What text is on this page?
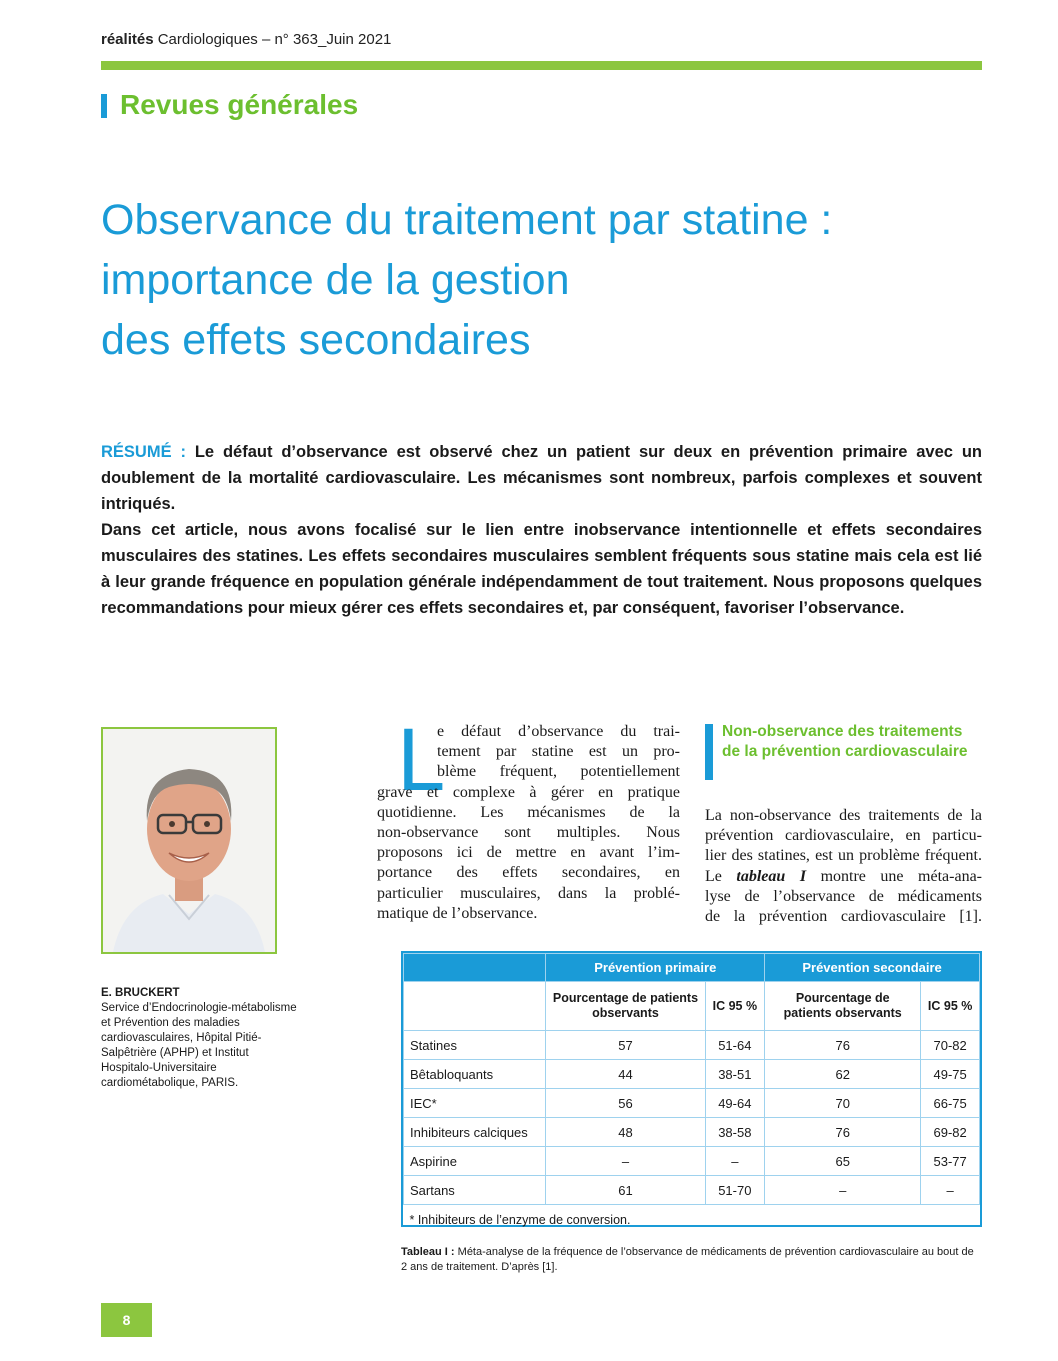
réalités Cardiologiques – n° 363_Juin 2021
Revues générales
Observance du traitement par statine :
importance de la gestion
des effets secondaires

RÉSUMÉ : Le défaut d’observance est observé chez un patient sur deux en prévention primaire avec un doublement de la mortalité cardiovasculaire. Les mécanismes sont nombreux, parfois complexes et souvent intriqués.

Dans cet article, nous avons focalisé sur le lien entre inobservance intentionnelle et effets secondaires musculaires des statines. Les effets secondaires musculaires semblent fréquents sous statine mais cela est lié à leur grande fréquence en population générale indépendamment de tout traitement. Nous proposons quelques recommandations pour mieux gérer ces effets secondaires et, par conséquent, favoriser l’observance.

E. BRUCKERT
Service d’Endocrinologie-métabolisme et Prévention des maladies cardiovasculaires, Hôpital Pitié-Salpêtrière (APHP) et Institut Hospitalo-Universitaire cardiométabolique, PARIS.
L
e défaut d’observance du trai-
tement par statine est un pro-
blème fréquent, potentiellement
grave et complexe à gérer en pratique
quotidienne. Les mécanismes de la
non-observance sont multiples. Nous
proposons ici de mettre en avant l’im-
portance des effets secondaires, en
particulier musculaires, dans la problé-
matique de l’observance.
Non-observance des traitements de la prévention cardiovasculaire
La non-observance des traitements de la
prévention cardiovasculaire, en particu-
lier des statines, est un problème fréquent.
Le tableau I montre une méta-ana-
lyse de l’observance de médicaments
de la prévention cardiovasculaire [1].
	Prévention primaire		Prévention secondaire	
	Pourcentage de patients observants	IC 95 %	Pourcentage de patients observants	IC 95 %
Statines	57	51-64	76	70-82
Bêtabloquants	44	38-51	62	49-75
IEC*	56	49-64	70	66-75
Inhibiteurs calciques	48	38-58	76	69-82
Aspirine	–	–	65	53-77
Sartans	61	51-70	–	–
* Inhibiteurs de l’enzyme de conversion.				
Tableau I : Méta-analyse de la fréquence de l’observance de médicaments de prévention cardiovasculaire au bout de 2 ans de traitement. D’après [1].
8
